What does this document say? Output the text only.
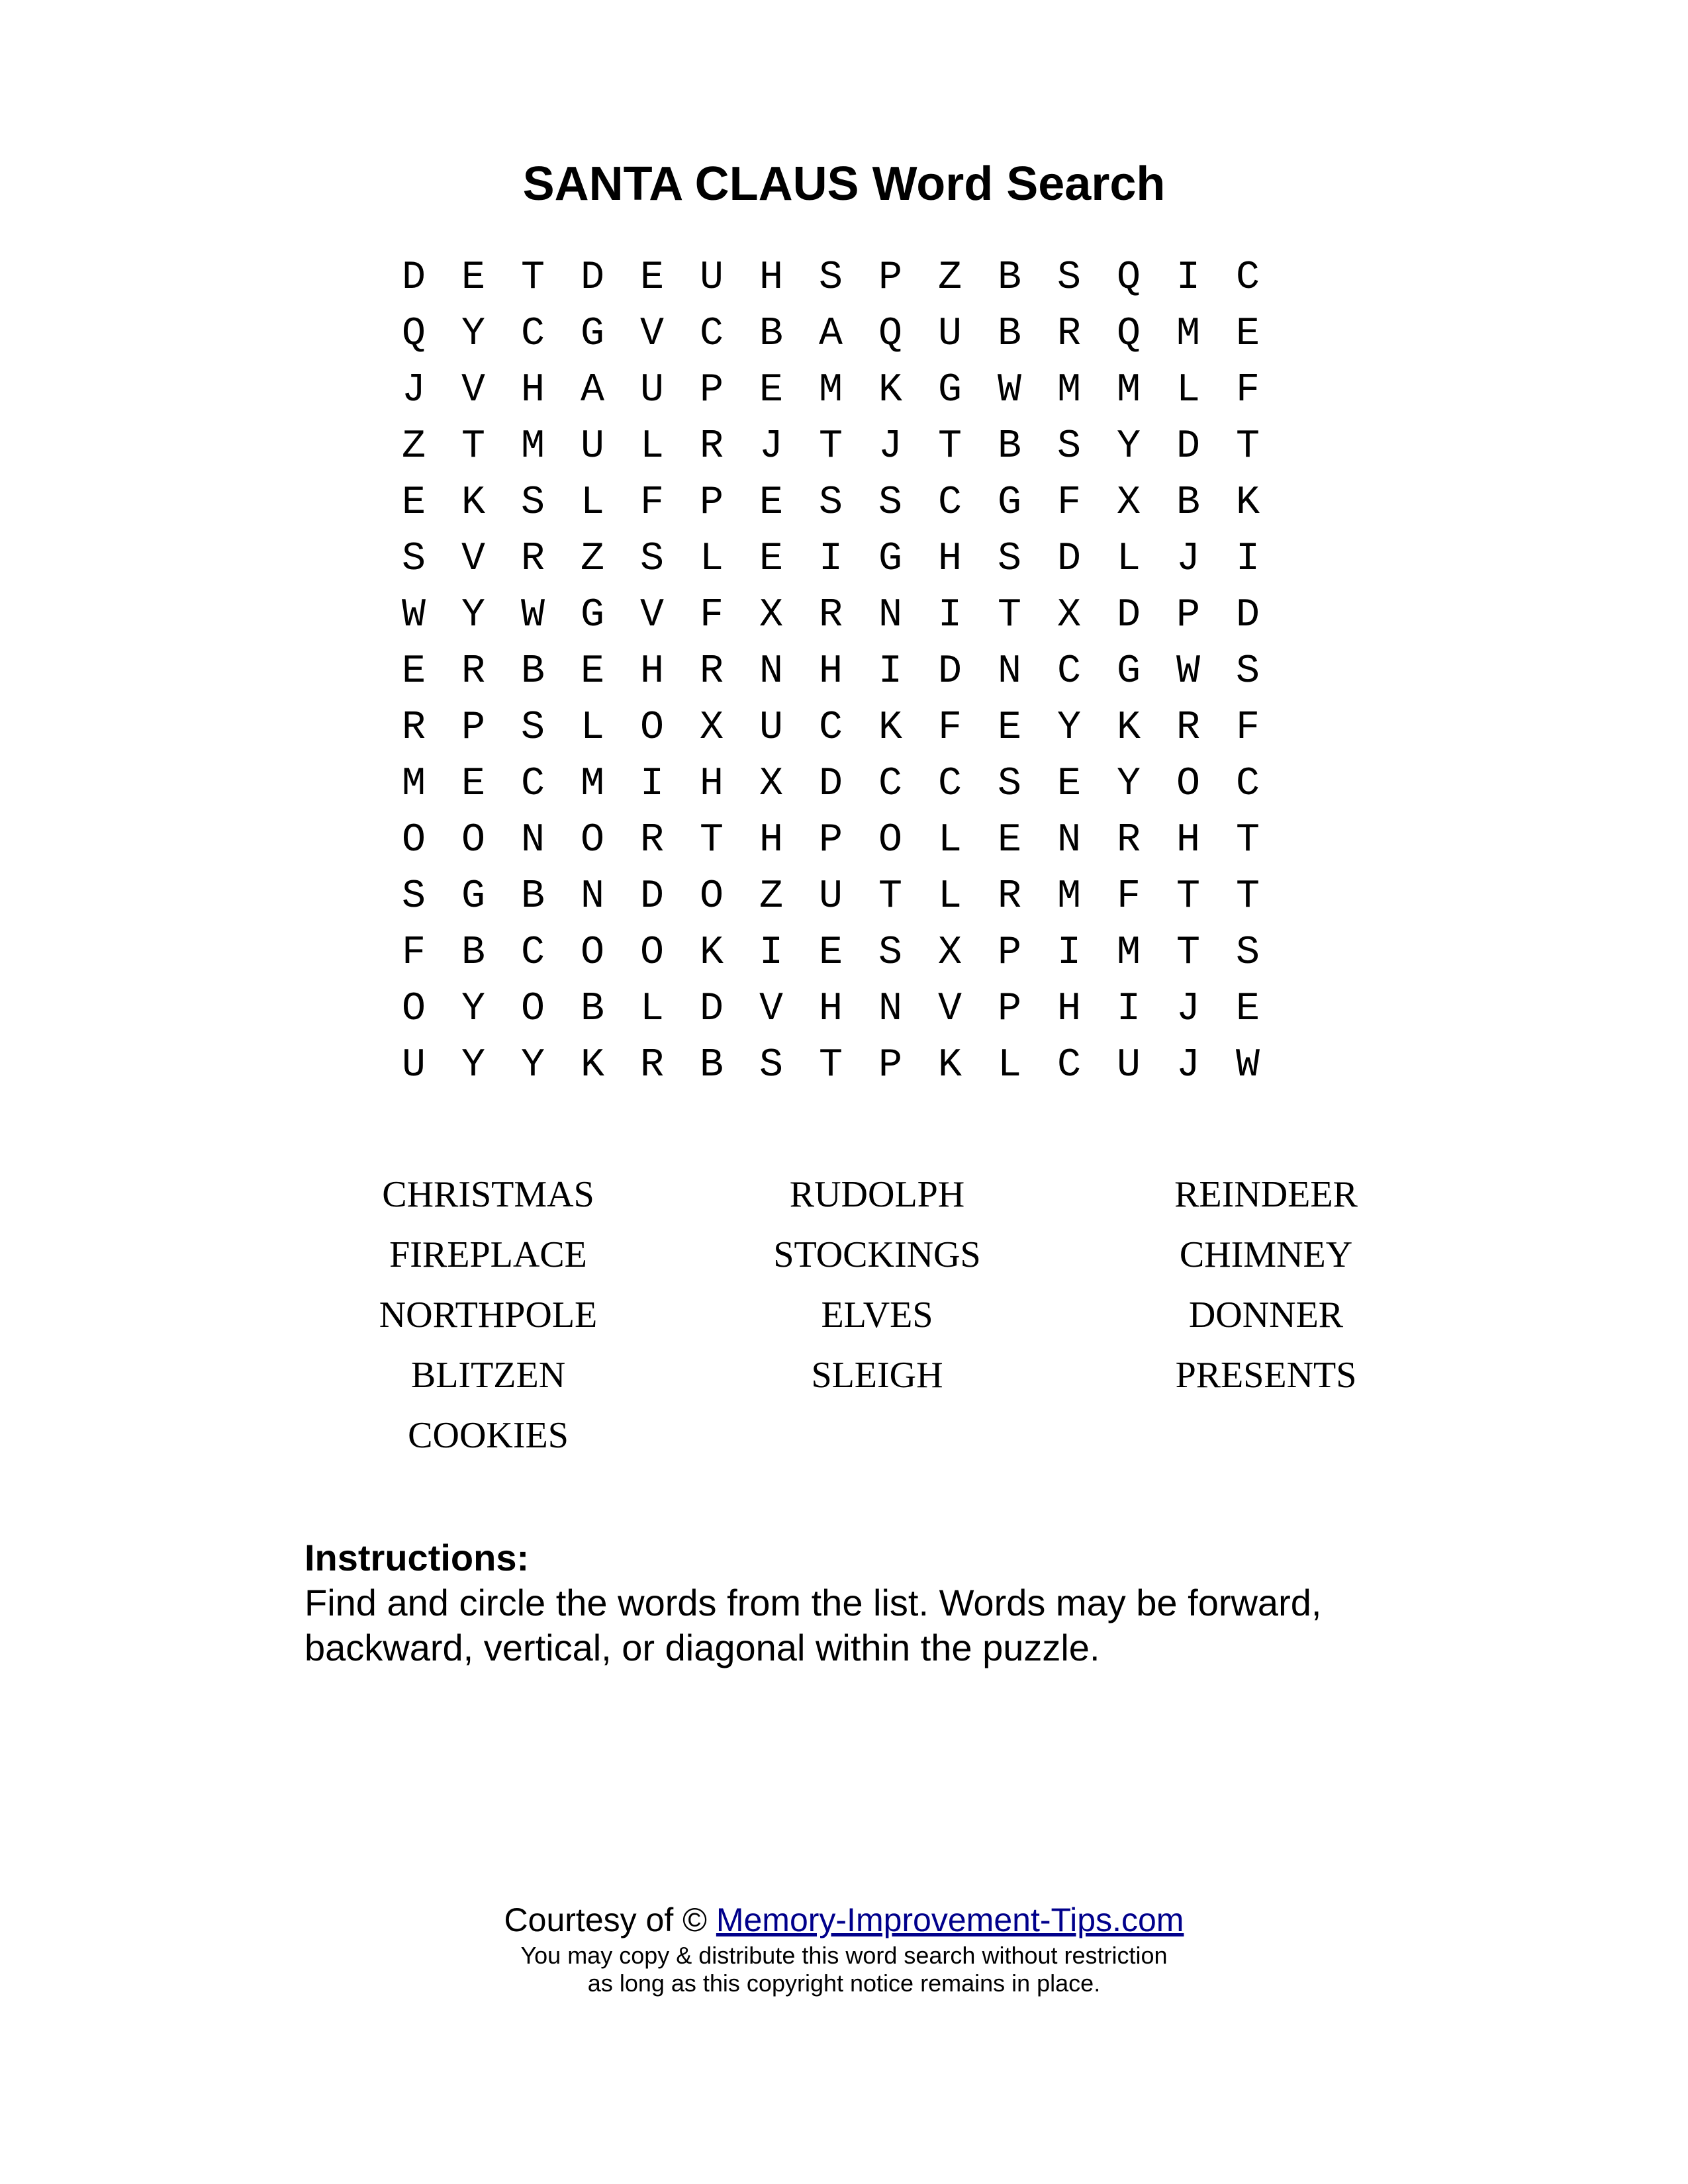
SANTA CLAUS Word Search
D E T D E U H S P Z B S Q I C
Q Y C G V C B A Q U B R Q M E
J V H A U P E M K G W M M L F
Z T M U L R J T J T B S Y D T
E K S L F P E S S C G F X B K
S V R Z S L E I G H S D L J I
W Y W G V F X R N I T X D P D
E R B E H R N H I D N C G W S
R P S L O X U C K F E Y K R F
M E C M I H X D C C S E Y O C
O O N O R T H P O L E N R H T
S G B N D O Z U T L R M F T T
F B C O O K I E S X P I M T S
O Y O B L D V H N V P H I J E
U Y Y K R B S T P K L C U J W
CHRISTMAS	RUDOLPH	REINDEER
FIREPLACE	STOCKINGS	CHIMNEY
NORTHPOLE	ELVES	DONNER
BLITZEN	SLEIGH	PRESENTS
COOKIES
Instructions:
Find and circle the words from the list. Words may be forward,
backward, vertical, or diagonal within the puzzle.
Courtesy of © Memory-Improvement-Tips.com
You may copy & distribute this word search without restriction
as long as this copyright notice remains in place.
